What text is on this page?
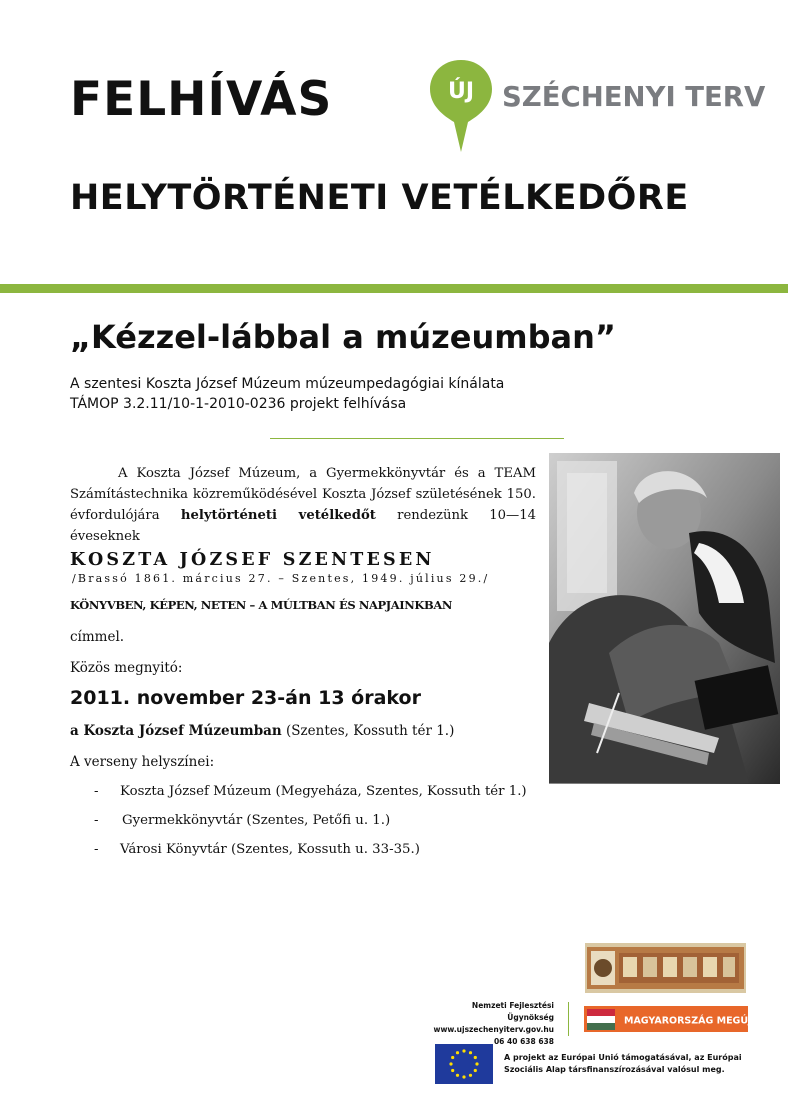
FELHÍVÁS
HELYTÖRTÉNETI VETÉLKEDŐRE
ÚJ SZÉCHENYI TERV
„Kézzel-lábbal a múzeumban”
A szentesi Koszta József Múzeum múzeumpedagógiai kínálata
TÁMOP 3.2.11/10-1-2010-0236 projekt felhívása
A Koszta József Múzeum, a Gyermekkönyvtár és a TEAM Számítástechnika közreműködésével Koszta József születésének 150. évfordulójára helytörténeti vetélkedőt rendezünk 10—14 éveseknek
KOSZTA JÓZSEF SZENTESEN
/Brassó 1861. március 27. – Szentes, 1949. július 29./
KÖNYVBEN, KÉPEN, NETEN – A MÚLTBAN ÉS NAPJAINKBAN
címmel.
Közös megnyitó:
2011. november 23-án 13 órakor
a Koszta József Múzeumban (Szentes, Kossuth tér 1.)
A verseny helyszínei:
-	Koszta József Múzeum (Megyeháza, Szentes, Kossuth tér 1.)
-	Gyermekkönyvtár (Szentes, Petőfi u. 1.)
-	Városi Könyvtár (Szentes, Kossuth u. 33-35.)
Nemzeti Fejlesztési Ügynökség
www.ujszechenyiterv.gov.hu
06 40 638 638
MAGYARORSZÁG MEGÚJUL
A projekt az Európai Unió támogatásával, az Európai
Szociális Alap társfinanszírozásával valósul meg.
